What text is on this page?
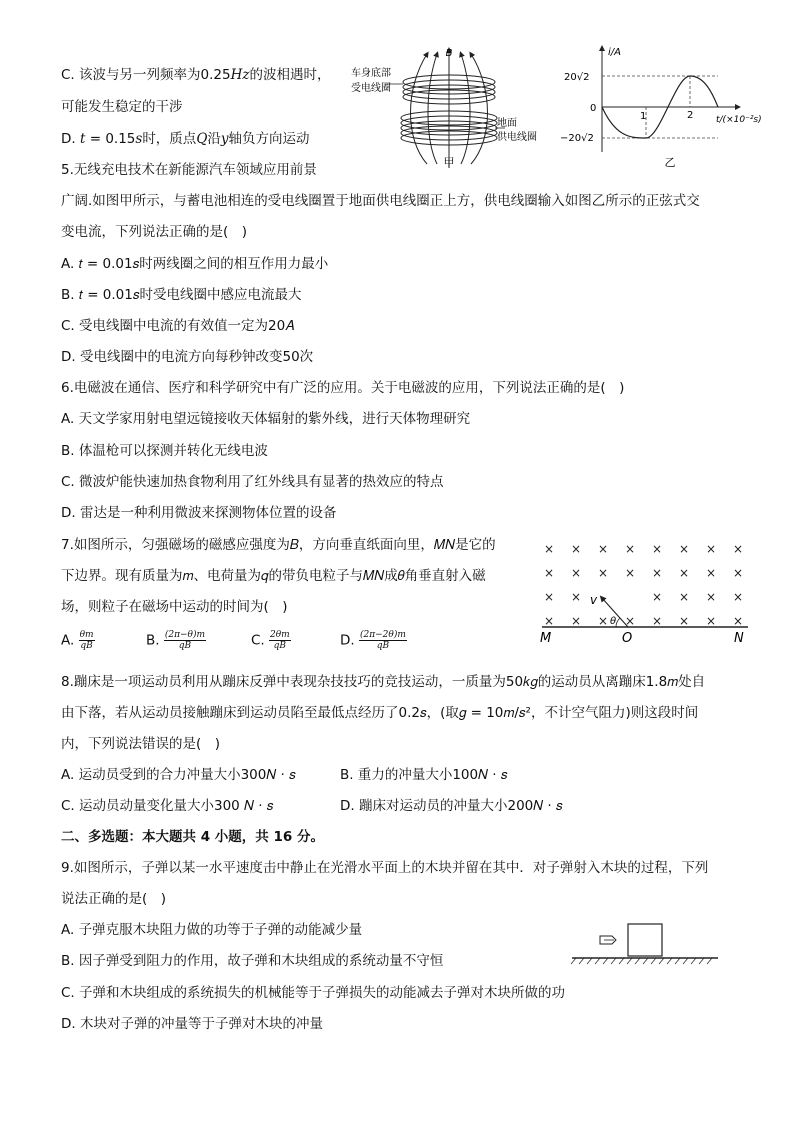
C. 该波与另一列频率为0.25Hz的波相遇时，
可能发生稳定的干涉
D. t = 0.15s时，质点Q沿y轴负方向运动
5.无线充电技术在新能源汽车领域应用前景
广阔.如图甲所示，与蓄电池相连的受电线圈置于地面供电线圈正上方，供电线圈输入如图乙所示的正弦式交
变电流，下列说法正确的是(　)
A. 𝑡 = 0.01𝑠时两线圈之间的相互作用力最小
B. 𝑡 = 0.01𝑠时受电线圈中感应电流最大
C. 受电线圈中电流的有效值一定为20𝐴
D. 受电线圈中的电流方向每秒钟改变50次
B
车身底部
受电线圈
地面
供电线圈
甲
i/A
20√2
0
−20√2
1	2	t/(×10⁻²s)
乙
6.电磁波在通信、医疗和科学研究中有广泛的应用。关于电磁波的应用，下列说法正确的是(　)
A. 天文学家用射电望远镜接收天体辐射的紫外线，进行天体物理研究
B. 体温枪可以探测并转化无线电波
C. 微波炉能快速加热食物利用了红外线具有显著的热效应的特点
D. 雷达是一种利用微波来探测物体位置的设备
7.如图所示，匀强磁场的磁感应强度为𝐵，方向垂直纸面向里，𝑀𝑁是它的
下边界。现有质量为𝑚、电荷量为𝑞的带负电粒子与𝑀𝑁成𝜃角垂直射入磁
场，则粒子在磁场中运动的时间为(　)
A. $\frac{\theta m}{qB}$	B. $\frac{(2\pi-\theta)m}{qB}$	C. $\frac{2\theta m}{qB}$	D. $\frac{(2\pi-2\theta)m}{qB}$
× × × × × × × ×
× × × × × × × ×
× ×	× × × ×
× × × × × × × ×
v
θ
M	O	N
8.蹦床是一项运动员利用从蹦床反弹中表现杂技技巧的竞技运动，一质量为50𝑘𝑔的运动员从离蹦床1.8𝑚处自
由下落，若从运动员接触蹦床到运动员陷至最低点经历了0.2𝑠，(取𝑔 = 10𝑚/𝑠²，不计空气阻力)则这段时间
内，下列说法错误的是(　)
A. 运动员受到的合力冲量大小300𝑁 · 𝑠	B. 重力的冲量大小100𝑁 · 𝑠
C. 运动员动量变化量大小300 𝑁 · 𝑠	D. 蹦床对运动员的冲量大小200𝑁 · 𝑠
二、多选题：本大题共 4 小题，共 16 分。
9.如图所示，子弹以某一水平速度击中静止在光滑水平面上的木块并留在其中．对子弹射入木块的过程，下列
说法正确的是(　)
A. 子弹克服木块阻力做的功等于子弹的动能减少量
B. 因子弹受到阻力的作用，故子弹和木块组成的系统动量不守恒
C. 子弹和木块组成的系统损失的机械能等于子弹损失的动能减去子弹对木块所做的功
D. 木块对子弹的冲量等于子弹对木块的冲量
